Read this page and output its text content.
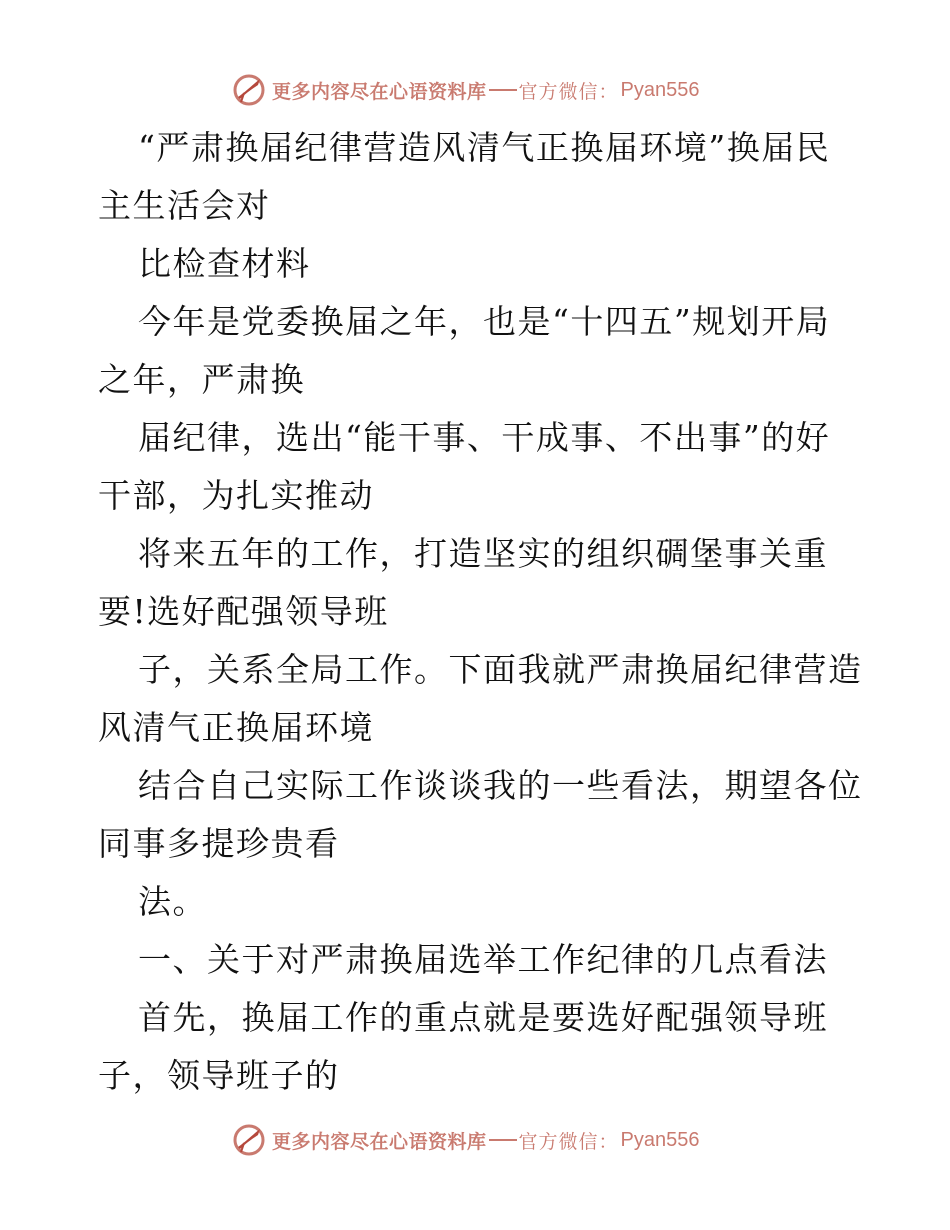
更多内容尽在心语资料库 官方微信： Pyan556
“严肃换届纪律营造风清气正换届环境”换届民
主生活会对
比检查材料
今年是党委换届之年，也是“十四五”规划开局
之年，严肃换
届纪律，选出“能干事、干成事、不出事”的好
干部，为扎实推动
将来五年的工作，打造坚实的组织碉堡事关重
要!选好配强领导班
子，关系全局工作。下面我就严肃换届纪律营造
风清气正换届环境
结合自己实际工作谈谈我的一些看法，期望各位
同事多提珍贵看
法。
一、关于对严肃换届选举工作纪律的几点看法
首先，换届工作的重点就是要选好配强领导班
子，领导班子的
更多内容尽在心语资料库 官方微信： Pyan556
